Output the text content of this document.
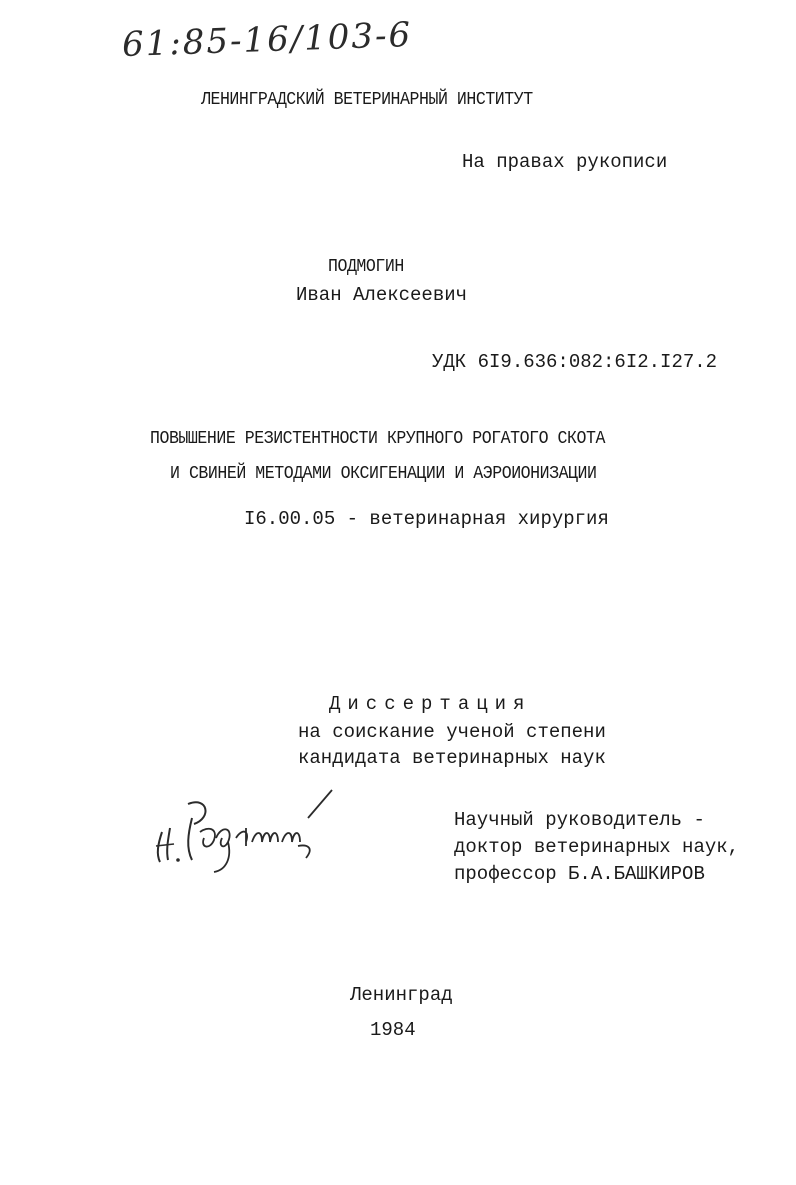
61:85-16/103-6
ЛЕНИНГРАДСКИЙ ВЕТЕРИНАРНЫЙ ИНСТИТУТ
На правах рукописи
ПОДМОГИН
Иван Алексеевич
УДК 6I9.636:082:6I2.I27.2
ПОВЫШЕНИЕ РЕЗИСТЕНТНОСТИ КРУПНОГО РОГАТОГО СКОТА
И СВИНЕЙ МЕТОДАМИ ОКСИГЕНАЦИИ И АЭРОИОНИЗАЦИИ
I6.00.05 - ветеринарная хирургия
Диссертация
на соискание ученой степени
кандидата ветеринарных наук
Научный руководитель -
доктор ветеринарных наук,
профессор Б.А.БАШКИРОВ
Ленинград
1984
